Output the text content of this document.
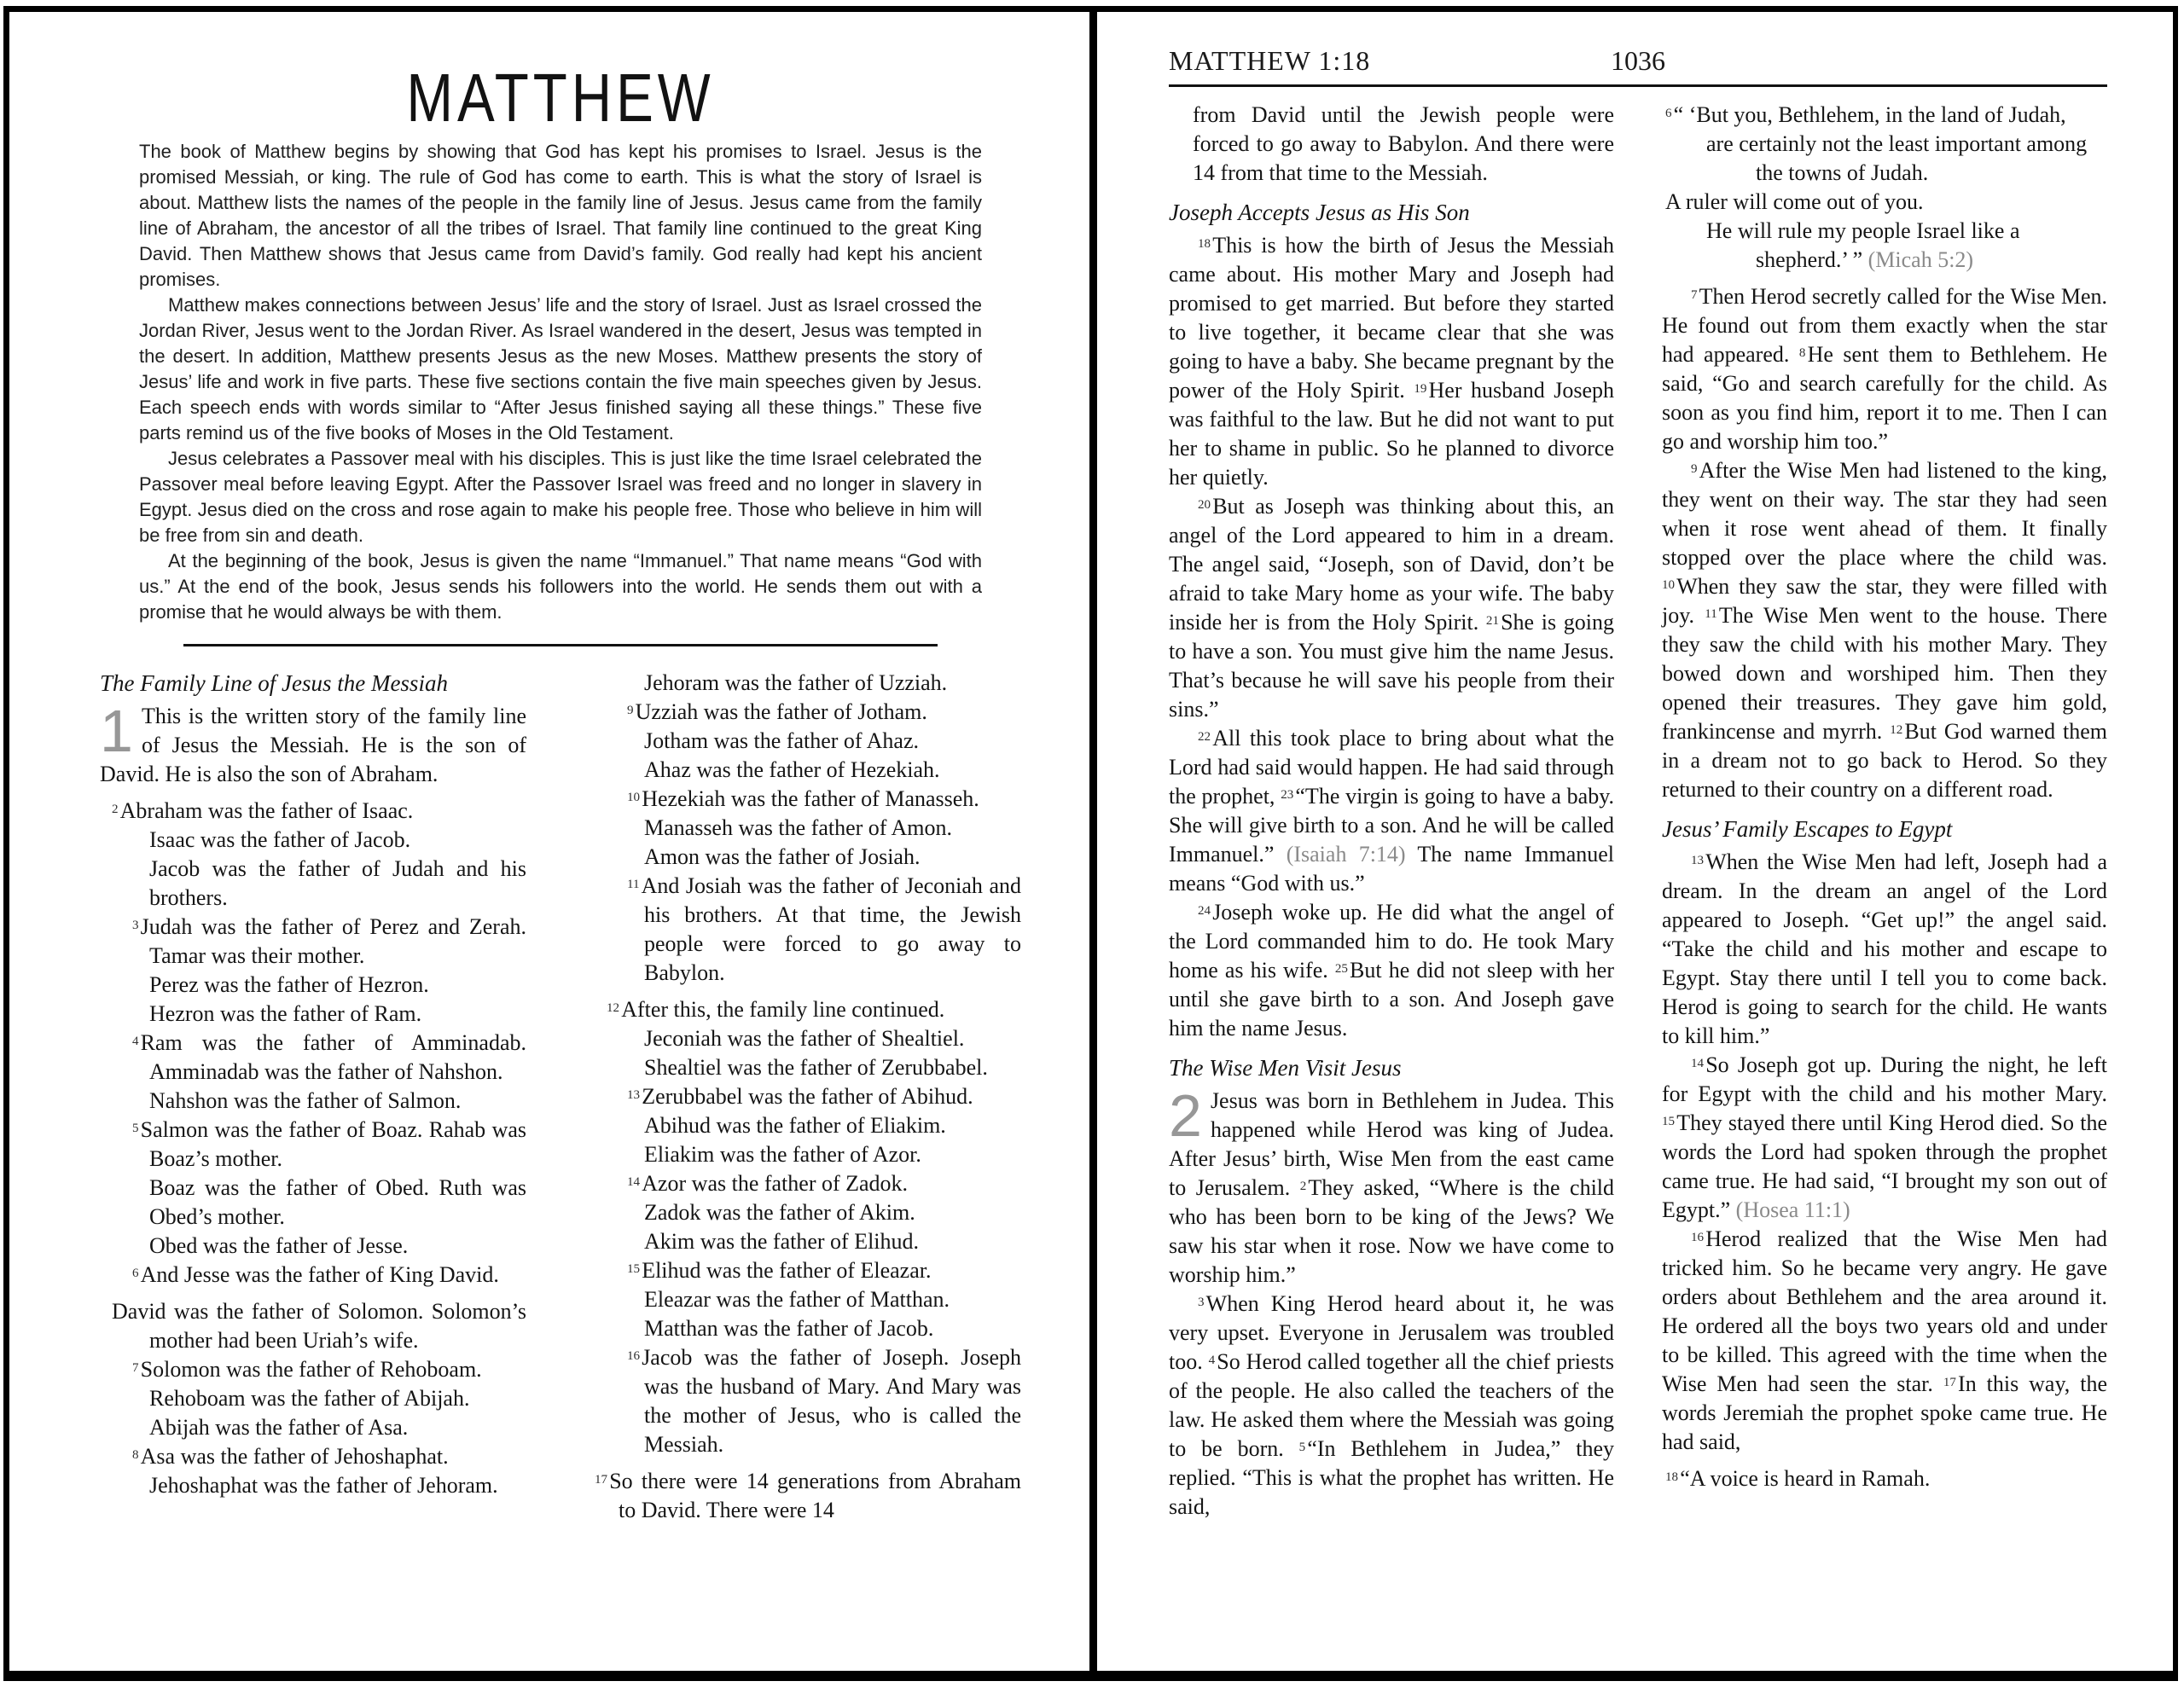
MATTHEW

The book of Matthew begins by showing that God has kept his promises to Israel. Jesus is the promised Messiah, or king. The rule of God has come to earth. This is what the story of Israel is about. Matthew lists the names of the people in the family line of Jesus. Jesus came from the family line of Abraham, the ancestor of all the tribes of Israel. That family line continued to the great King David. Then Matthew shows that Jesus came from David’s family. God really had kept his ancient promises.

Matthew makes connections between Jesus’ life and the story of Israel. Just as Israel crossed the Jordan River, Jesus went to the Jordan River. As Israel wandered in the desert, Jesus was tempted in the desert. In addition, Matthew presents Jesus as the new Moses. Matthew presents the story of Jesus’ life and work in five parts. These five sections contain the five main speeches given by Jesus. Each speech ends with words similar to “After Jesus finished saying all these things.” These five parts remind us of the five books of Moses in the Old Testament.

Jesus celebrates a Passover meal with his disciples. This is just like the time Israel celebrated the Passover meal before leaving Egypt. After the Passover Israel was freed and no longer in slavery in Egypt. Jesus died on the cross and rose again to make his people free. Those who believe in him will be free from sin and death.

At the beginning of the book, Jesus is given the name “Immanuel.” That name means “God with us.” At the end of the book, Jesus sends his followers into the world. He sends them out with a promise that he would always be with them.

The Family Line of Jesus the Messiah
1 This is the written story of the family line of Jesus the Messiah. He is the son of David. He is also the son of Abraham.
$^2$Abraham was the father of Isaac.
Isaac was the father of Jacob.
Jacob was the father of Judah and his brothers.
$^3$Judah was the father of Perez and Zerah. Tamar was their mother.
Perez was the father of Hezron.
Hezron was the father of Ram.
$^4$Ram was the father of Amminadab. Amminadab was the father of Nahshon.
Nahshon was the father of Salmon.
$^5$Salmon was the father of Boaz. Rahab was Boaz’s mother.
Boaz was the father of Obed. Ruth was Obed’s mother.
Obed was the father of Jesse.
$^6$And Jesse was the father of King David.
David was the father of Solomon. Solomon’s mother had been Uriah’s wife.
$^7$Solomon was the father of Rehoboam.
Rehoboam was the father of Abijah.
Abijah was the father of Asa.
$^8$Asa was the father of Jehoshaphat.
Jehoshaphat was the father of Jehoram.
Jehoram was the father of Uzziah.
$^9$Uzziah was the father of Jotham.
Jotham was the father of Ahaz.
Ahaz was the father of Hezekiah.
$^{10}$Hezekiah was the father of Manasseh.
Manasseh was the father of Amon.
Amon was the father of Josiah.
$^{11}$And Josiah was the father of Jeconiah and his brothers. At that time, the Jewish people were forced to go away to Babylon.
$^{12}$After this, the family line continued.
Jeconiah was the father of Shealtiel.
Shealtiel was the father of Zerubbabel.
$^{13}$Zerubbabel was the father of Abihud.
Abihud was the father of Eliakim.
Eliakim was the father of Azor.
$^{14}$Azor was the father of Zadok.
Zadok was the father of Akim.
Akim was the father of Elihud.
$^{15}$Elihud was the father of Eleazar.
Eleazar was the father of Matthan.
Matthan was the father of Jacob.
$^{16}$Jacob was the father of Joseph. Joseph was the husband of Mary. And Mary was the mother of Jesus, who is called the Messiah.
$^{17}$So there were 14 generations from Abraham to David. There were 14
MATTHEW 1:18	1036
from David until the Jewish people were forced to go away to Babylon. And there were 14 from that time to the Messiah.
Joseph Accepts Jesus as His Son
$^{18}$This is how the birth of Jesus the Messiah came about. His mother Mary and Joseph had promised to get married. But before they started to live together, it became clear that she was going to have a baby. She became pregnant by the power of the Holy Spirit. $^{19}$Her husband Joseph was faithful to the law. But he did not want to put her to shame in public. So he planned to divorce her quietly.
$^{20}$But as Joseph was thinking about this, an angel of the Lord appeared to him in a dream. The angel said, “Joseph, son of David, don’t be afraid to take Mary home as your wife. The baby inside her is from the Holy Spirit. $^{21}$She is going to have a son. You must give him the name Jesus. That’s because he will save his people from their sins.”
$^{22}$All this took place to bring about what the Lord had said would happen. He had said through the prophet, $^{23}$“The virgin is going to have a baby. She will give birth to a son. And he will be called Immanuel.” (Isaiah 7:14) The name Immanuel means “God with us.”
$^{24}$Joseph woke up. He did what the angel of the Lord commanded him to do. He took Mary home as his wife. $^{25}$But he did not sleep with her until she gave birth to a son. And Joseph gave him the name Jesus.
The Wise Men Visit Jesus
2 Jesus was born in Bethlehem in Judea. This happened while Herod was king of Judea. After Jesus’ birth, Wise Men from the east came to Jerusalem. $^2$They asked, “Where is the child who has been born to be king of the Jews? We saw his star when it rose. Now we have come to worship him.”
$^3$When King Herod heard about it, he was very upset. Everyone in Jerusalem was troubled too. $^4$So Herod called together all the chief priests of the people. He also called the teachers of the law. He asked them where the Messiah was going to be born. $^5$“In Bethlehem in Judea,” they replied. “This is what the prophet has written. He said,
$^6$“ ‘But you, Bethlehem, in the land of Judah,
are certainly not the least important among the towns of Judah.
A ruler will come out of you.
He will rule my people Israel like a shepherd.’ ” (Micah 5:2)
$^7$Then Herod secretly called for the Wise Men. He found out from them exactly when the star had appeared. $^8$He sent them to Bethlehem. He said, “Go and search carefully for the child. As soon as you find him, report it to me. Then I can go and worship him too.”
$^9$After the Wise Men had listened to the king, they went on their way. The star they had seen when it rose went ahead of them. It finally stopped over the place where the child was. $^{10}$When they saw the star, they were filled with joy. $^{11}$The Wise Men went to the house. There they saw the child with his mother Mary. They bowed down and worshiped him. Then they opened their treasures. They gave him gold, frankincense and myrrh. $^{12}$But God warned them in a dream not to go back to Herod. So they returned to their country on a different road.
Jesus’ Family Escapes to Egypt
$^{13}$When the Wise Men had left, Joseph had a dream. In the dream an angel of the Lord appeared to Joseph. “Get up!” the angel said. “Take the child and his mother and escape to Egypt. Stay there until I tell you to come back. Herod is going to search for the child. He wants to kill him.”
$^{14}$So Joseph got up. During the night, he left for Egypt with the child and his mother Mary. $^{15}$They stayed there until King Herod died. So the words the Lord had spoken through the prophet came true. He had said, “I brought my son out of Egypt.” (Hosea 11:1)
$^{16}$Herod realized that the Wise Men had tricked him. So he became very angry. He gave orders about Bethlehem and the area around it. He ordered all the boys two years old and under to be killed. This agreed with the time when the Wise Men had seen the star. $^{17}$In this way, the words Jeremiah the prophet spoke came true. He had said,
$^{18}$“A voice is heard in Ramah.
